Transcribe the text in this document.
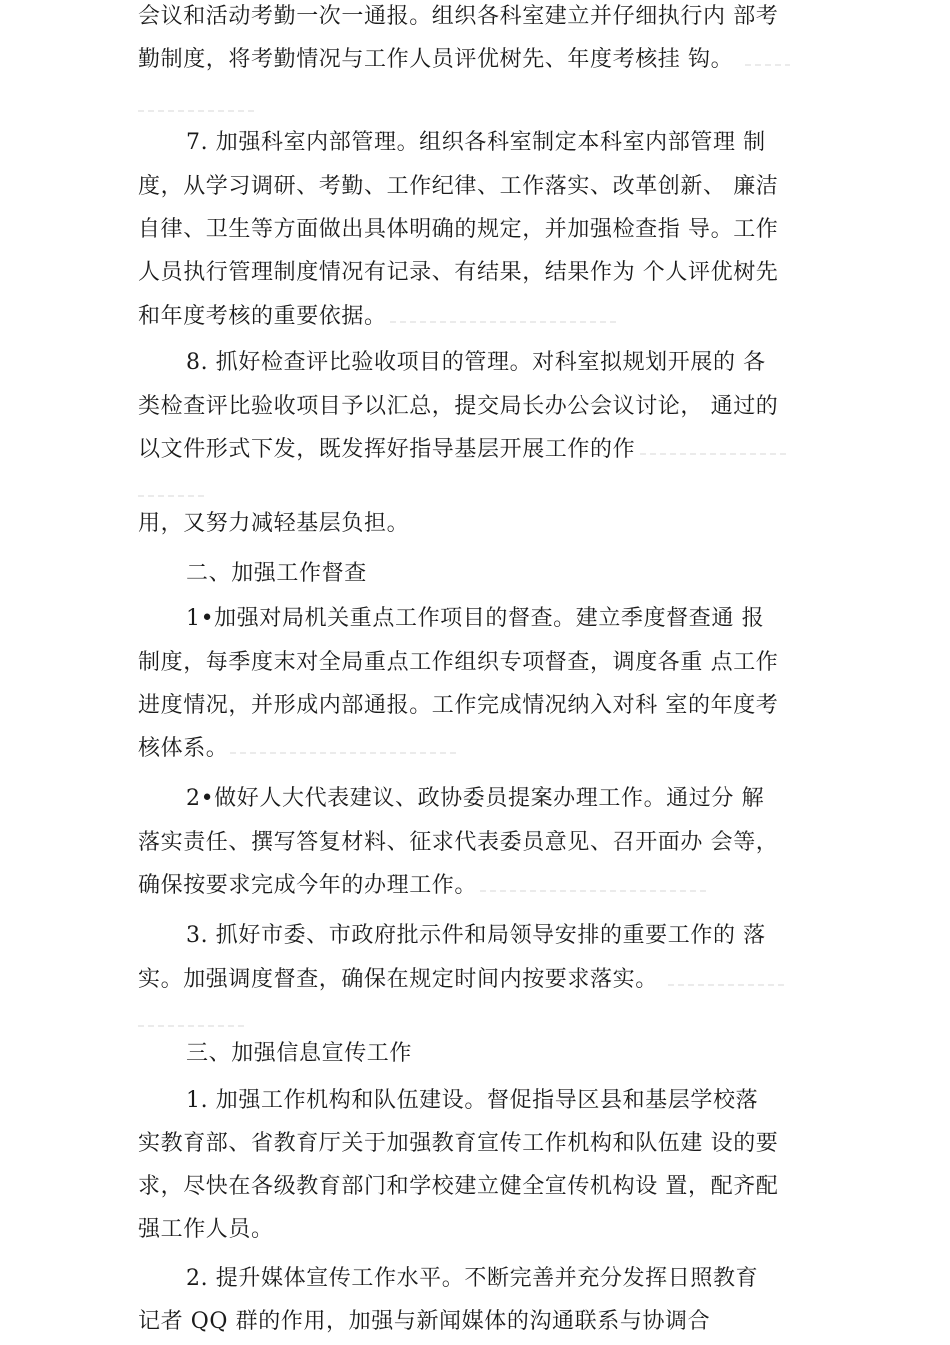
会议和活动考勤一次一通报。组织各科室建立并仔细执行内 部考
勤制度，将考勤情况与工作人员评优树先、年度考核挂 钩。
7. 加强科室内部管理。组织各科室制定本科室内部管理 制
度，从学习调研、考勤、工作纪律、工作落实、改革创新、 廉洁
自律、卫生等方面做出具体明确的规定，并加强检查指 导。工作
人员执行管理制度情况有记录、有结果，结果作为 个人评优树先
和年度考核的重要依据。
8. 抓好检查评比验收项目的管理。对科室拟规划开展的 各
类检查评比验收项目予以汇总，提交局长办公会议讨论， 通过的
以文件形式下发，既发挥好指导基层开展工作的作
用，又努力减轻基层负担。
二、加强工作督查
1•加强对局机关重点工作项目的督查。建立季度督查通 报
制度，每季度末对全局重点工作组织专项督查，调度各重 点工作
进度情况，并形成内部通报。工作完成情况纳入对科 室的年度考
核体系。
2•做好人大代表建议、政协委员提案办理工作。通过分 解
落实责任、撰写答复材料、征求代表委员意见、召开面办 会等，
确保按要求完成今年的办理工作。
3. 抓好市委、市政府批示件和局领导安排的重要工作的 落
实。加强调度督查，确保在规定时间内按要求落实。
三、加强信息宣传工作
1. 加强工作机构和队伍建设。督促指导区县和基层学校落
实教育部、省教育厅关于加强教育宣传工作机构和队伍建 设的要
求，尽快在各级教育部门和学校建立健全宣传机构设 置，配齐配
强工作人员。
2. 提升媒体宣传工作水平。不断完善并充分发挥日照教育
记者 QQ 群的作用，加强与新闻媒体的沟通联系与协调合
